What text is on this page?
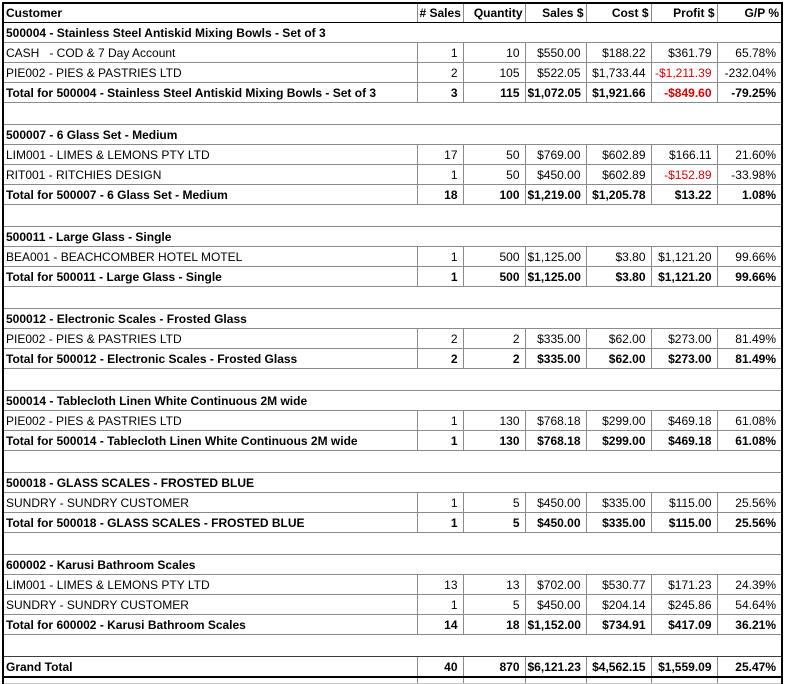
Customer	# Sales	Quantity	Sales $	Cost $	Profit $	G/P %
500004 - Stainless Steel Antiskid Mixing Bowls - Set of 3						
CASH   - COD & 7 Day Account	1	10	$550.00	$188.22	$361.79	65.78%
PIE002 - PIES & PASTRIES LTD	2	105	$522.05	$1,733.44	-$1,211.39	-232.04%
Total for 500004 - Stainless Steel Antiskid Mixing Bowls - Set of 3	3	115	$1,072.05	$1,921.66	-$849.60	-79.25%

500007 - 6 Glass Set - Medium						
LIM001 - LIMES & LEMONS PTY LTD	17	50	$769.00	$602.89	$166.11	21.60%
RIT001 - RITCHIES DESIGN	1	50	$450.00	$602.89	-$152.89	-33.98%
Total for 500007 - 6 Glass Set - Medium	18	100	$1,219.00	$1,205.78	$13.22	1.08%

500011 - Large Glass - Single						
BEA001 - BEACHCOMBER HOTEL MOTEL	1	500	$1,125.00	$3.80	$1,121.20	99.66%
Total for 500011 - Large Glass - Single	1	500	$1,125.00	$3.80	$1,121.20	99.66%

500012 - Electronic Scales - Frosted Glass						
PIE002 - PIES & PASTRIES LTD	2	2	$335.00	$62.00	$273.00	81.49%
Total for 500012 - Electronic Scales - Frosted Glass	2	2	$335.00	$62.00	$273.00	81.49%

500014 - Tablecloth Linen White Continuous 2M wide						
PIE002 - PIES & PASTRIES LTD	1	130	$768.18	$299.00	$469.18	61.08%
Total for 500014 - Tablecloth Linen White Continuous 2M wide	1	130	$768.18	$299.00	$469.18	61.08%

500018 - GLASS SCALES - FROSTED BLUE						
SUNDRY - SUNDRY CUSTOMER	1	5	$450.00	$335.00	$115.00	25.56%
Total for 500018 - GLASS SCALES - FROSTED BLUE	1	5	$450.00	$335.00	$115.00	25.56%

600002 - Karusi Bathroom Scales						
LIM001 - LIMES & LEMONS PTY LTD	13	13	$702.00	$530.77	$171.23	24.39%
SUNDRY - SUNDRY CUSTOMER	1	5	$450.00	$204.14	$245.86	54.64%
Total for 600002 - Karusi Bathroom Scales	14	18	$1,152.00	$734.91	$417.09	36.21%

Grand Total	40	870	$6,121.23	$4,562.15	$1,559.09	25.47%
